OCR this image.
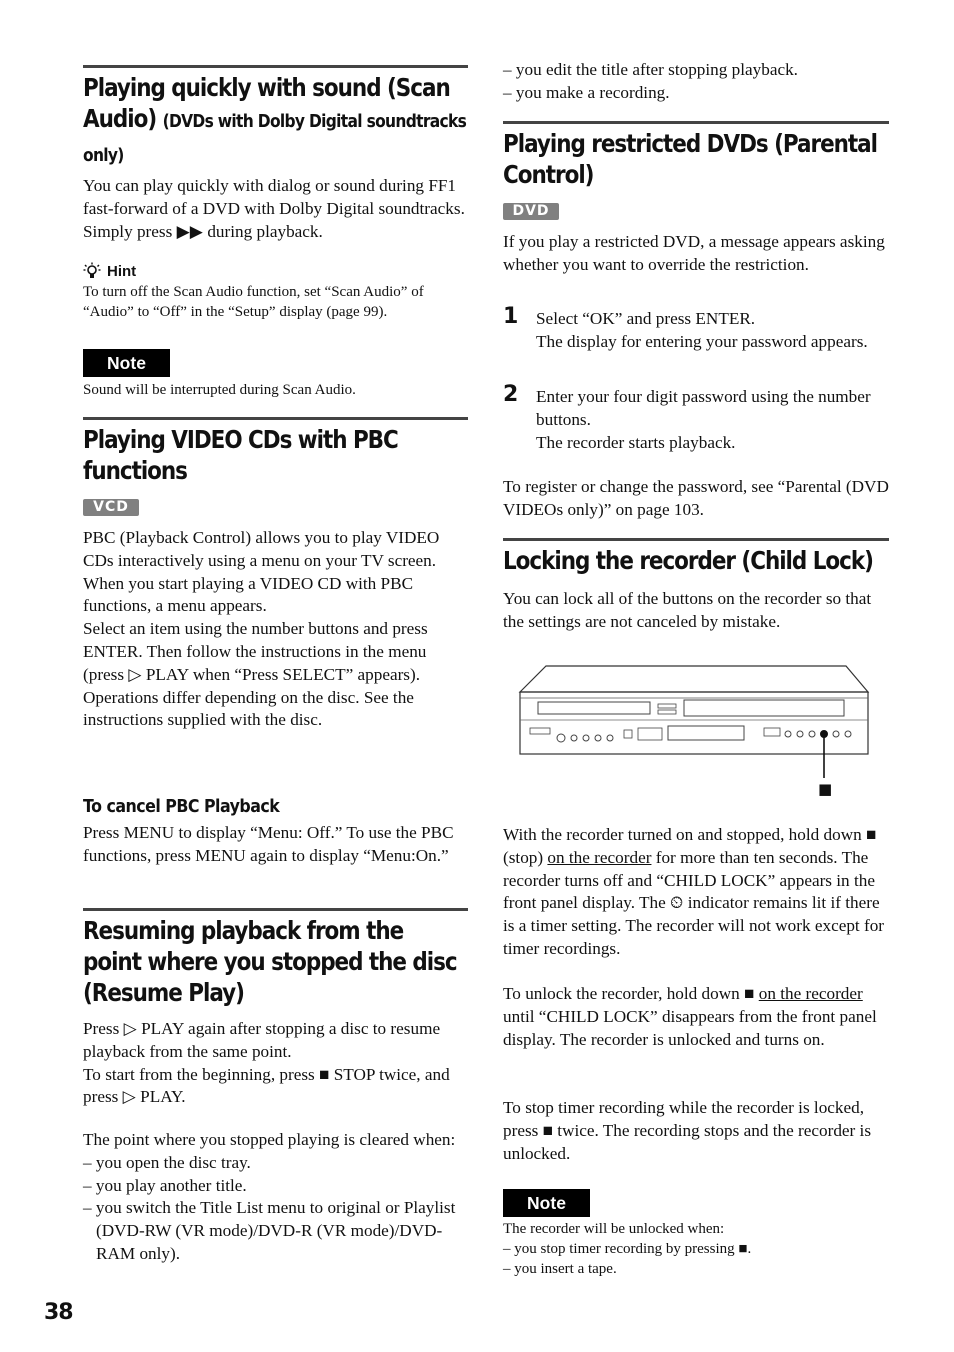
Playing quickly with sound (Scan Audio) (DVDs with Dolby Digital soundtracks only)

You can play quickly with dialog or sound during FF1 fast-forward of a DVD with Dolby Digital soundtracks. Simply press ▶▶ during playback.

Hint

To turn off the Scan Audio function, set “Scan Audio” of “Audio” to “Off” in the “Setup” display (page 99).

Note

Sound will be interrupted during Scan Audio.

Playing VIDEO CDs with PBC functions
VCD

PBC (Playback Control) allows you to play VIDEO CDs interactively using a menu on your TV screen.

When you start playing a VIDEO CD with PBC functions, a menu appears.

Select an item using the number buttons and press ENTER. Then follow the instructions in the menu (press ▷ PLAY when “Press SELECT” appears).

Operations differ depending on the disc. See the instructions supplied with the disc.

To cancel PBC Playback

Press MENU to display “Menu: Off.” To use the PBC functions, press MENU again to display “Menu:On.”

Resuming playback from the point where you stopped the disc (Resume Play)

Press ▷ PLAY again after stopping a disc to resume playback from the same point.

To start from the beginning, press ■ STOP twice, and press ▷ PLAY.

The point where you stopped playing is cleared when:

– you open the disc tray.

– you play another title.

– you switch the Title List menu to original or Playlist (DVD-RW (VR mode)/DVD-R (VR mode)/DVD-RAM only).

– you edit the title after stopping playback.

– you make a recording.

Playing restricted DVDs (Parental Control)
DVD

If you play a restricted DVD, a message appears asking whether you want to override the restriction.

1 Select “OK” and press ENTER.

The display for entering your password appears.

2 Enter your four digit password using the number buttons.

The recorder starts playback.

To register or change the password, see “Parental (DVD VIDEOs only)” on page 103.

Locking the recorder (Child Lock)

You can lock all of the buttons on the recorder so that the settings are not canceled by mistake.

■

With the recorder turned on and stopped, hold down ■ (stop) on the recorder for more than ten seconds. The recorder turns off and “CHILD LOCK” appears in the front panel display. The ⏲ indicator remains lit if there is a timer setting. The recorder will not work except for timer recordings.

To unlock the recorder, hold down ■ on the recorder until “CHILD LOCK” disappears from the front panel display. The recorder is unlocked and turns on.

To stop timer recording while the recorder is locked, press ■ twice. The recording stops and the recorder is unlocked.

Note

The recorder will be unlocked when:

– you stop timer recording by pressing ■.

– you insert a tape.

38
